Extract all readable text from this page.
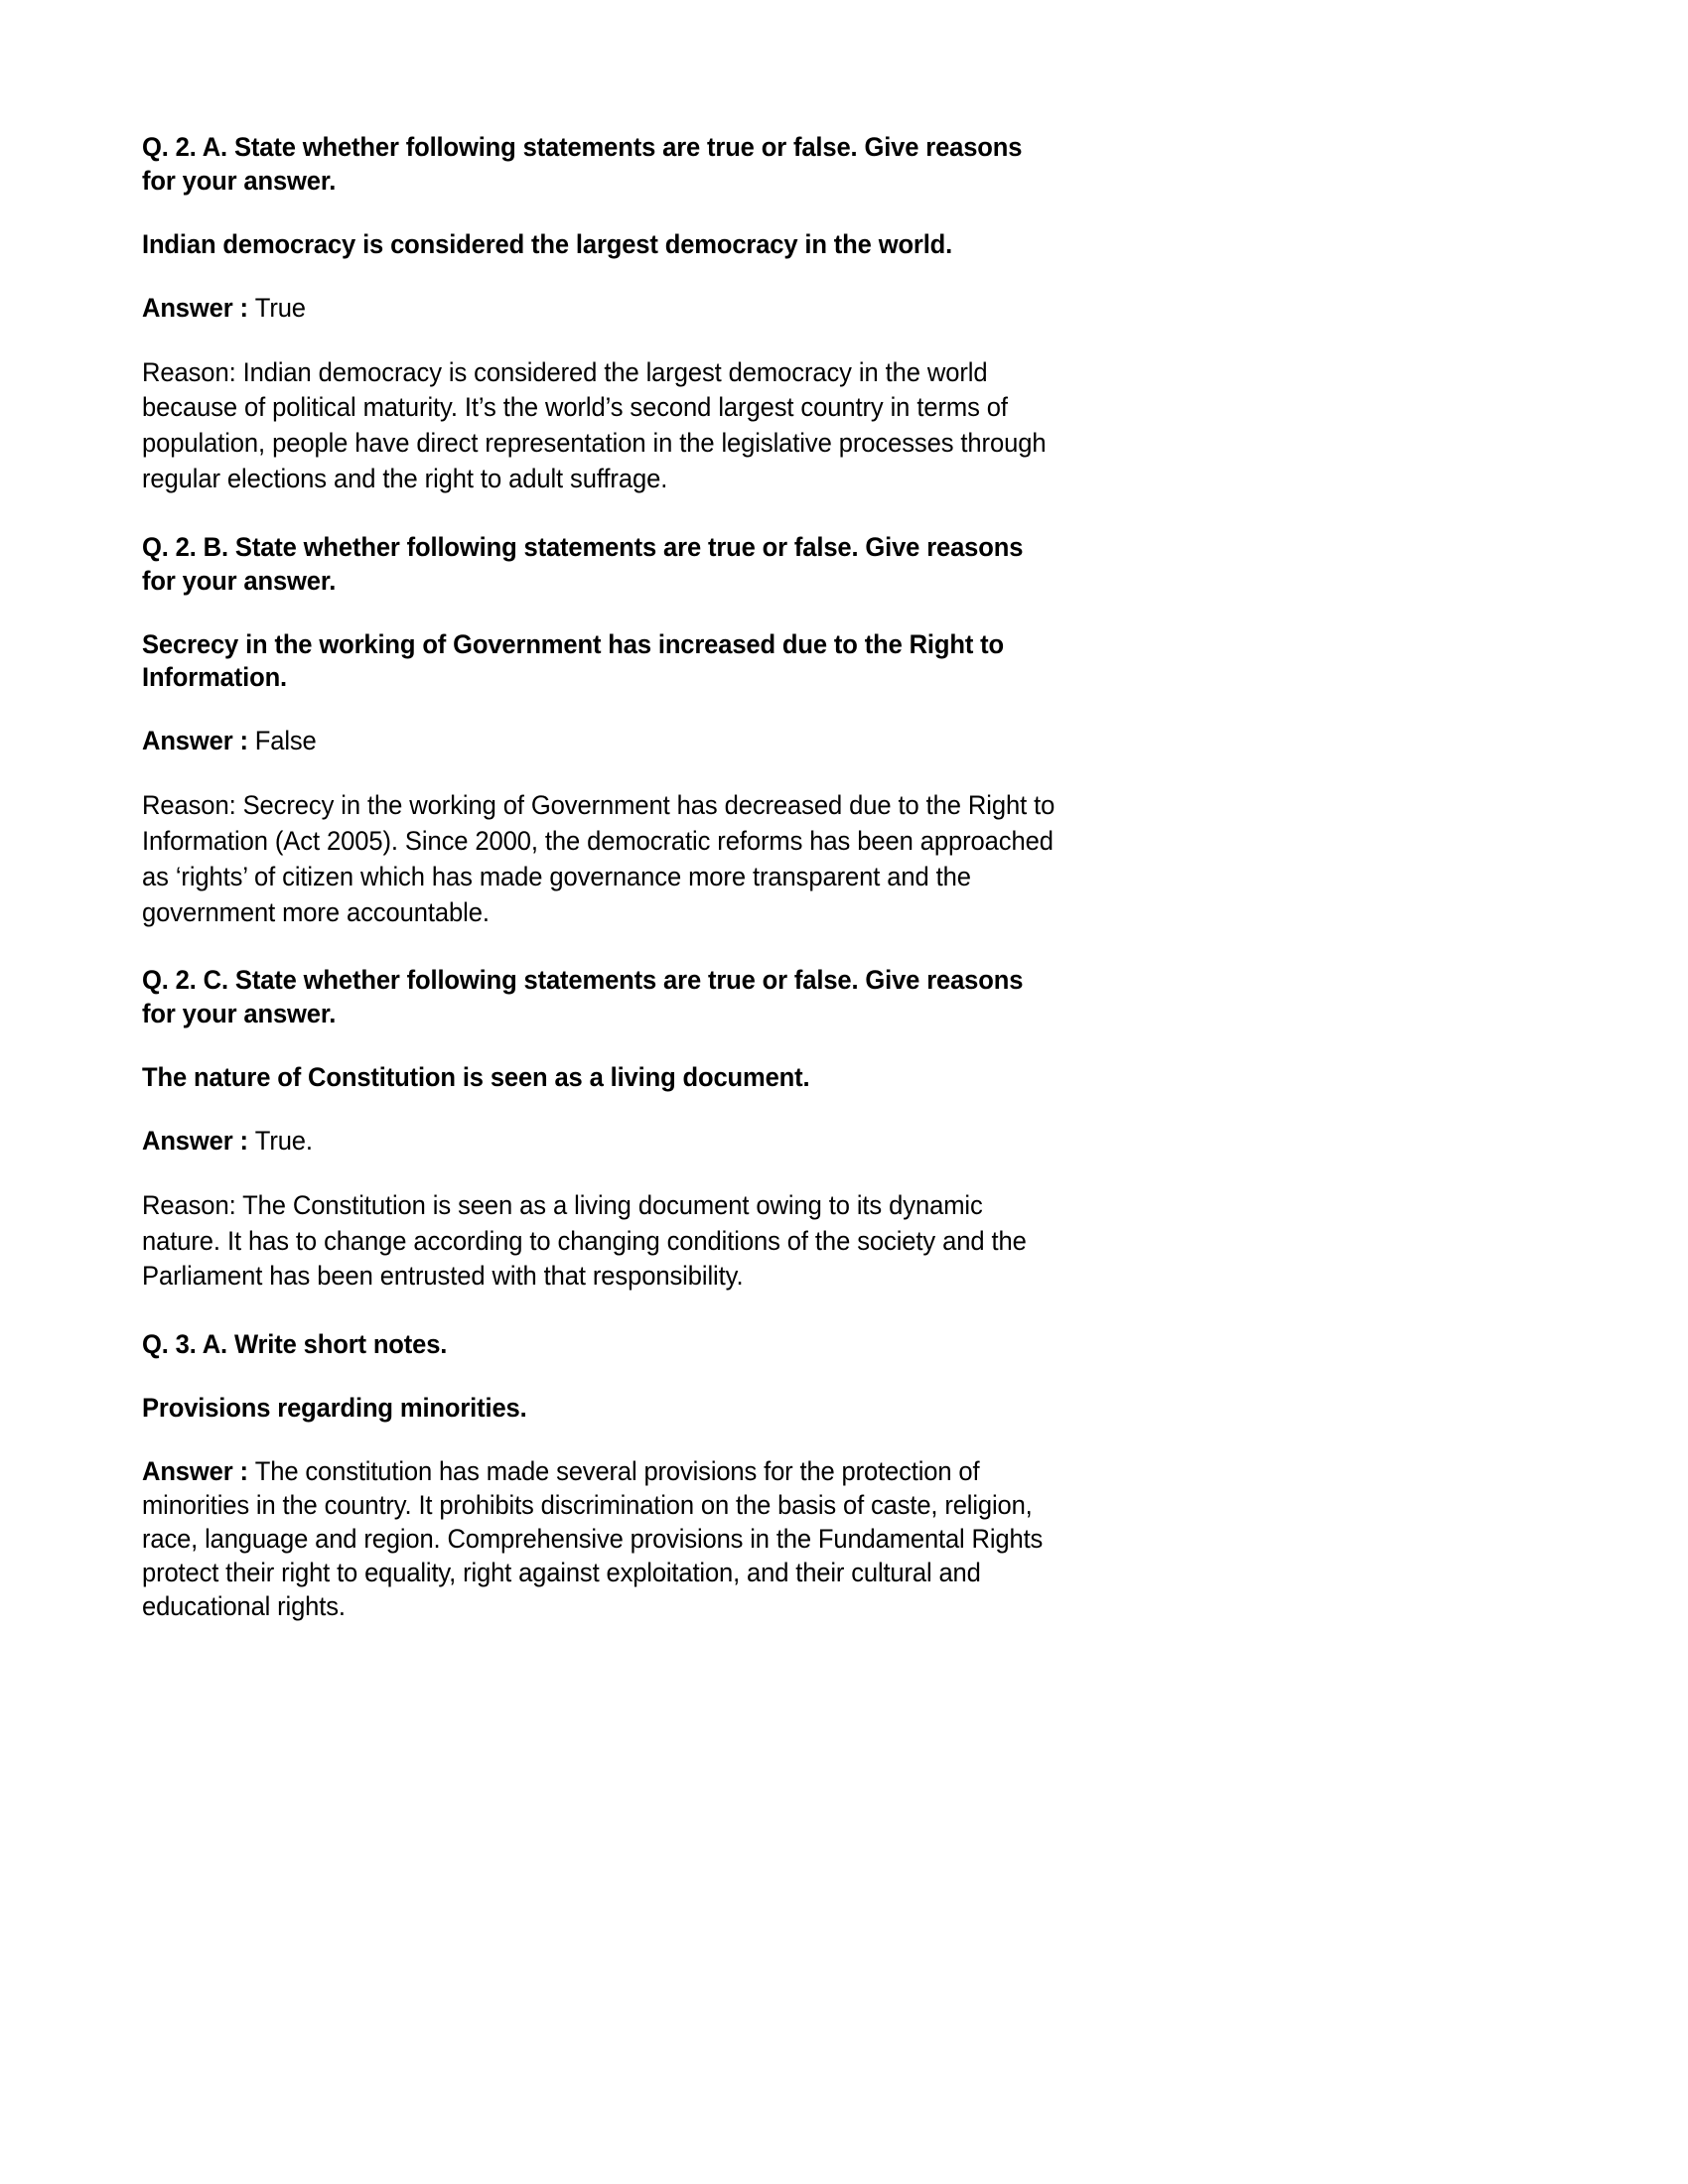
Q. 2. A. State whether following statements are true or false. Give reasons for your answer.

Indian democracy is considered the largest democracy in the world.

Answer : True

Reason: Indian democracy is considered the largest democracy in the world because of political maturity. It’s the world’s second largest country in terms of population, people have direct representation in the legislative processes through regular elections and the right to adult suffrage.

Q. 2. B. State whether following statements are true or false. Give reasons for your answer.

Secrecy in the working of Government has increased due to the Right to Information.

Answer : False

Reason: Secrecy in the working of Government has decreased due to the Right to Information (Act 2005). Since 2000, the democratic reforms has been approached as ‘rights’ of citizen which has made governance more transparent and the government more accountable.

Q. 2. C. State whether following statements are true or false. Give reasons for your answer.

The nature of Constitution is seen as a living document.

Answer : True.

Reason: The Constitution is seen as a living document owing to its dynamic nature. It has to change according to changing conditions of the society and the Parliament has been entrusted with that responsibility.

Q. 3. A. Write short notes.

Provisions regarding minorities.

Answer : The constitution has made several provisions for the protection of minorities in the country. It prohibits discrimination on the basis of caste, religion, race, language and region. Comprehensive provisions in the Fundamental Rights protect their right to equality, right against exploitation, and their cultural and educational rights.
